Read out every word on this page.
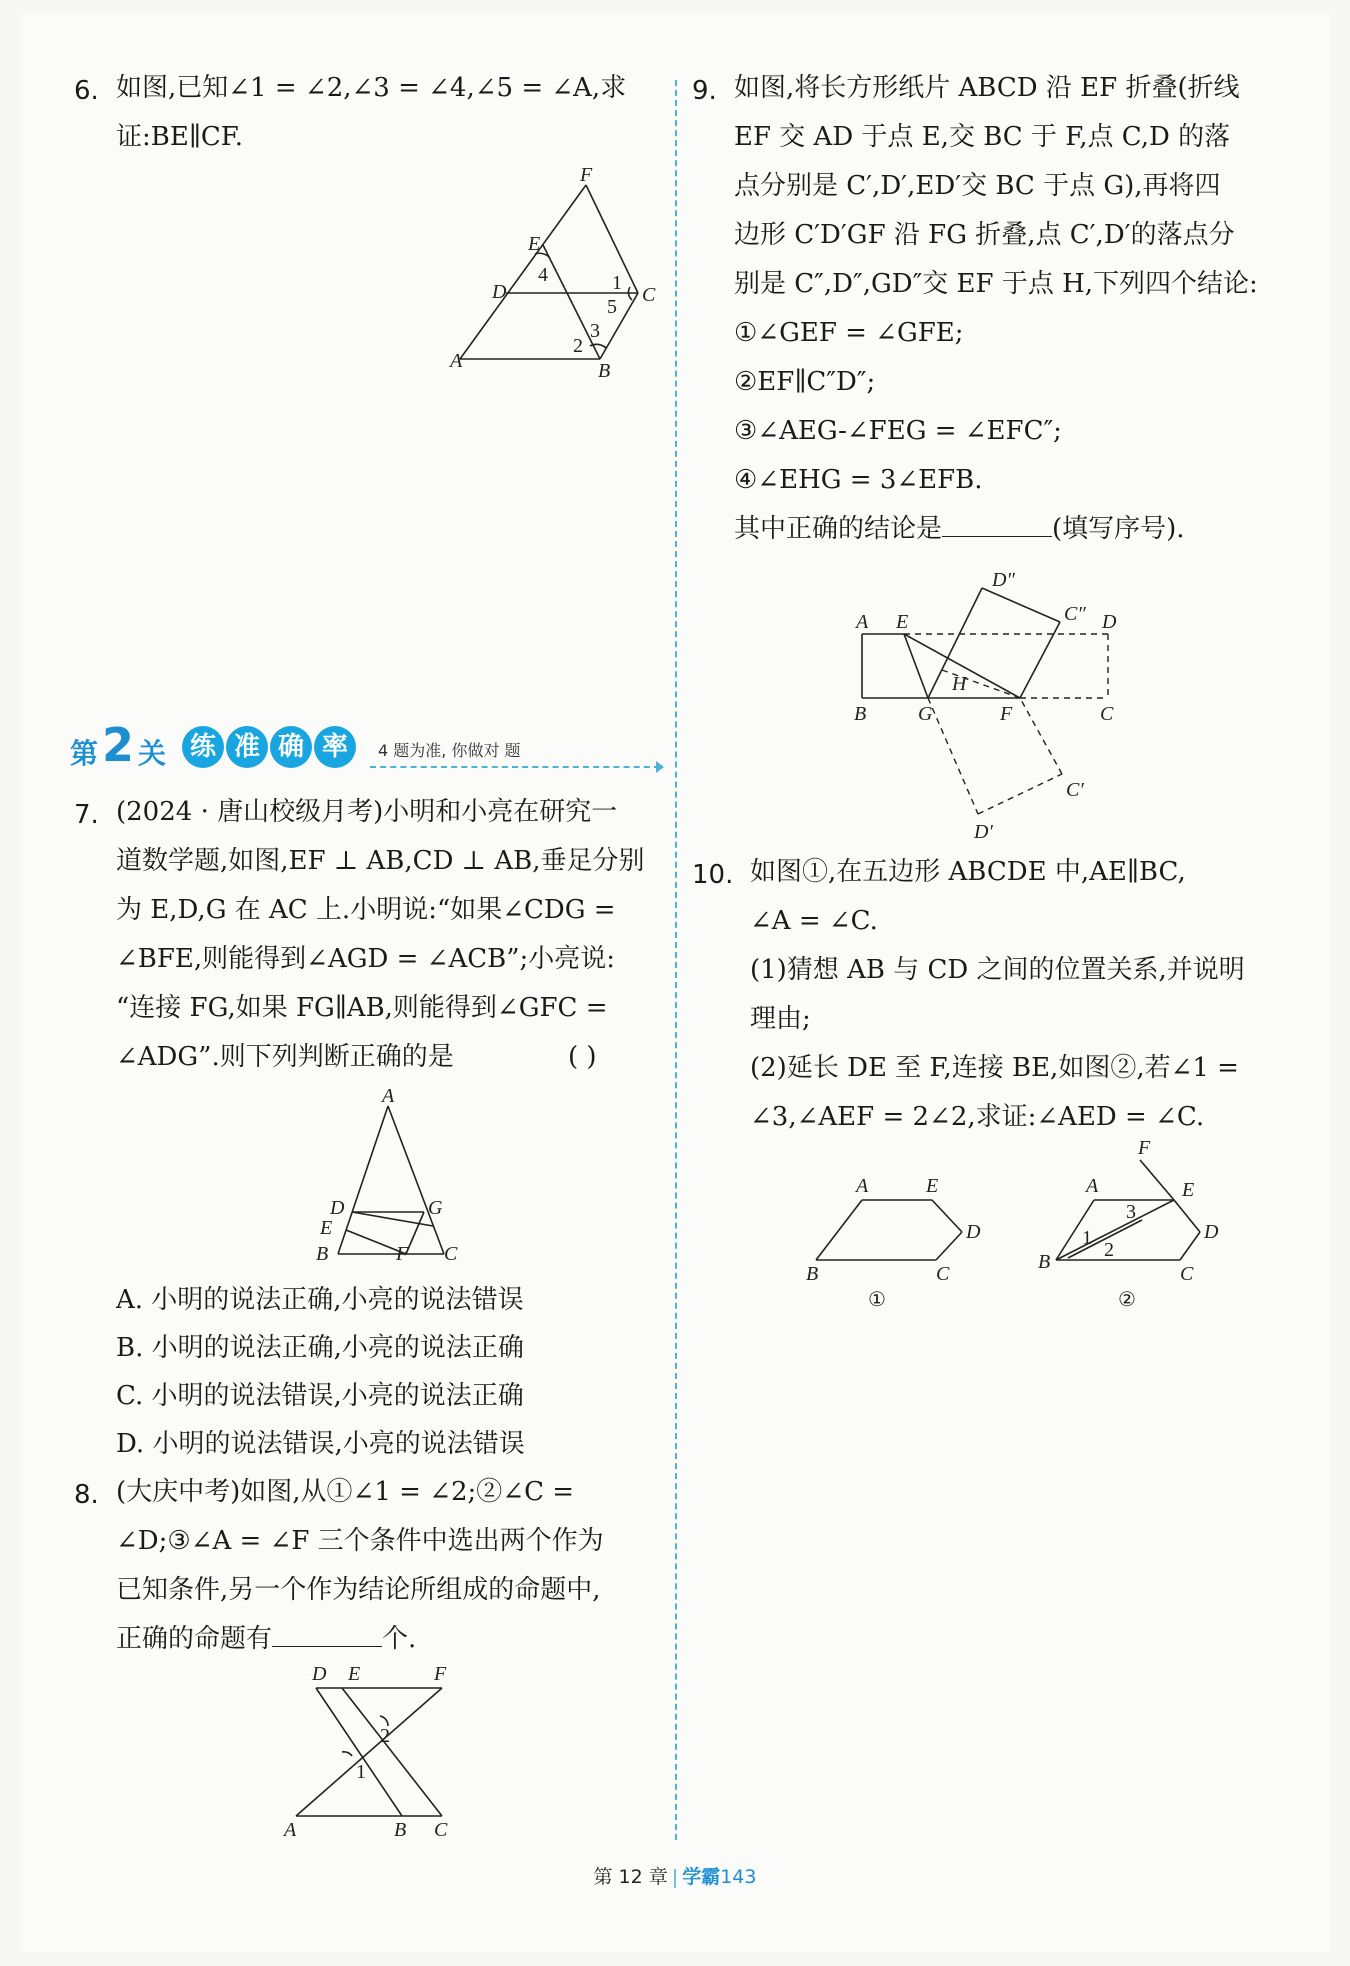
6. 如图,已知∠1 = ∠2,∠3 = ∠4,∠5 = ∠A,求
证:BE∥CF.
F
E
D	C
A	B
1
5
3
2
4
第 2 关 练 准 确 率	4 题为准, 你做对 题
7. (2024 · 唐山校级月考)小明和小亮在研究一
道数学题,如图,EF ⊥ AB,CD ⊥ AB,垂足分别
为 E,D,G 在 AC 上.小明说:“如果∠CDG =
∠BFE,则能得到∠AGD = ∠ACB”;小亮说:
“连接 FG,如果 FG∥AB,则能得到∠GFC =
∠ADG”.则下列判断正确的是	( )
A
D	G
E
B	F C
A. 小明的说法正确,小亮的说法错误
B. 小明的说法正确,小亮的说法正确
C. 小明的说法错误,小亮的说法正确
D. 小明的说法错误,小亮的说法错误
8. (大庆中考)如图,从①∠1 = ∠2;②∠C =
∠D;③∠A = ∠F 三个条件中选出两个作为
已知条件,另一个作为结论所组成的命题中,
正确的命题有	个.
D E	F
A	B C
2
1
9. 如图,将长方形纸片 ABCD 沿 EF 折叠(折线
EF 交 AD 于点 E,交 BC 于 F,点 C,D 的落
点分别是 C′,D′,ED′交 BC 于点 G),再将四
边形 C′D′GF 沿 FG 折叠,点 C′,D′的落点分
别是 C″,D″,GD″交 EF 于点 H,下列四个结论:
①∠GEF = ∠GFE;
②EF∥C″D″;
③∠AEG-∠FEG = ∠EFC″;
④∠EHG = 3∠EFB.
其中正确的结论是	(填写序号).
D″
C″
A E	D
H
B	G	F	C
C′
D′
10. 如图①,在五边形 ABCDE 中,AE∥BC,
∠A = ∠C.
(1)猜想 AB 与 CD 之间的位置关系,并说明
理由;
(2)延长 DE 至 F,连接 BE,如图②,若∠1 =
∠3,∠AEF = 2∠2,求证:∠AED = ∠C.
A	E
D
B	C
①
F
A	E
D
B
C
1
2
3
②
第 12 章 | 学霸143
